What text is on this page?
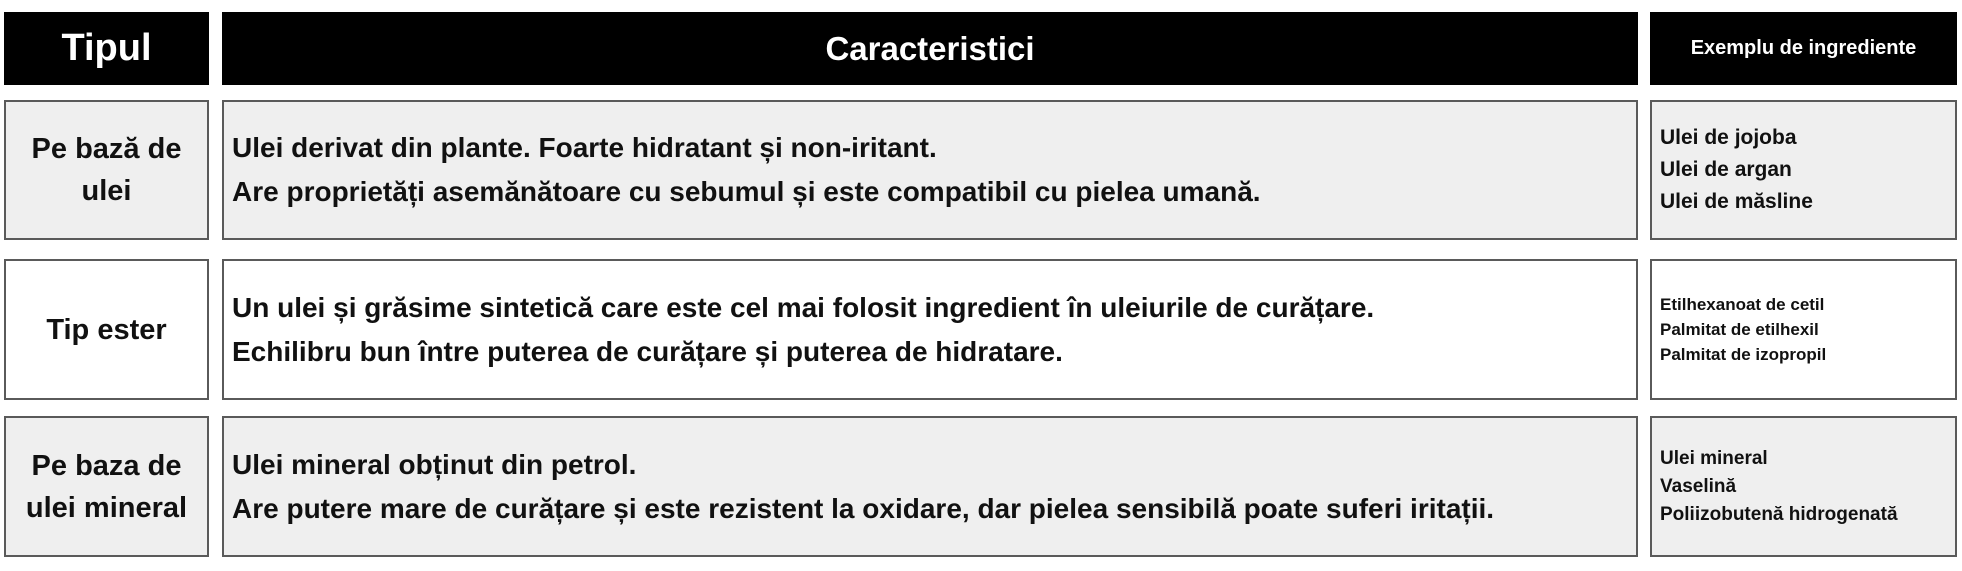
Tipul	Caracteristici	Exemplu de ingrediente
Pe bază de
ulei
Ulei derivat din plante. Foarte hidratant și non-iritant.
Are proprietăți asemănătoare cu sebumul și este compatibil cu pielea umană.
Ulei de jojoba
Ulei de argan
Ulei de măsline
Tip ester
Un ulei și grăsime sintetică care este cel mai folosit ingredient în uleiurile de curățare.
Echilibru bun între puterea de curățare și puterea de hidratare.
Etilhexanoat de cetil
Palmitat de etilhexil
Palmitat de izopropil
Pe baza de
ulei mineral
Ulei mineral obținut din petrol.
Are putere mare de curățare și este rezistent la oxidare, dar pielea sensibilă poate suferi iritații.
Ulei mineral
Vaselină
Poliizobutenă hidrogenată
